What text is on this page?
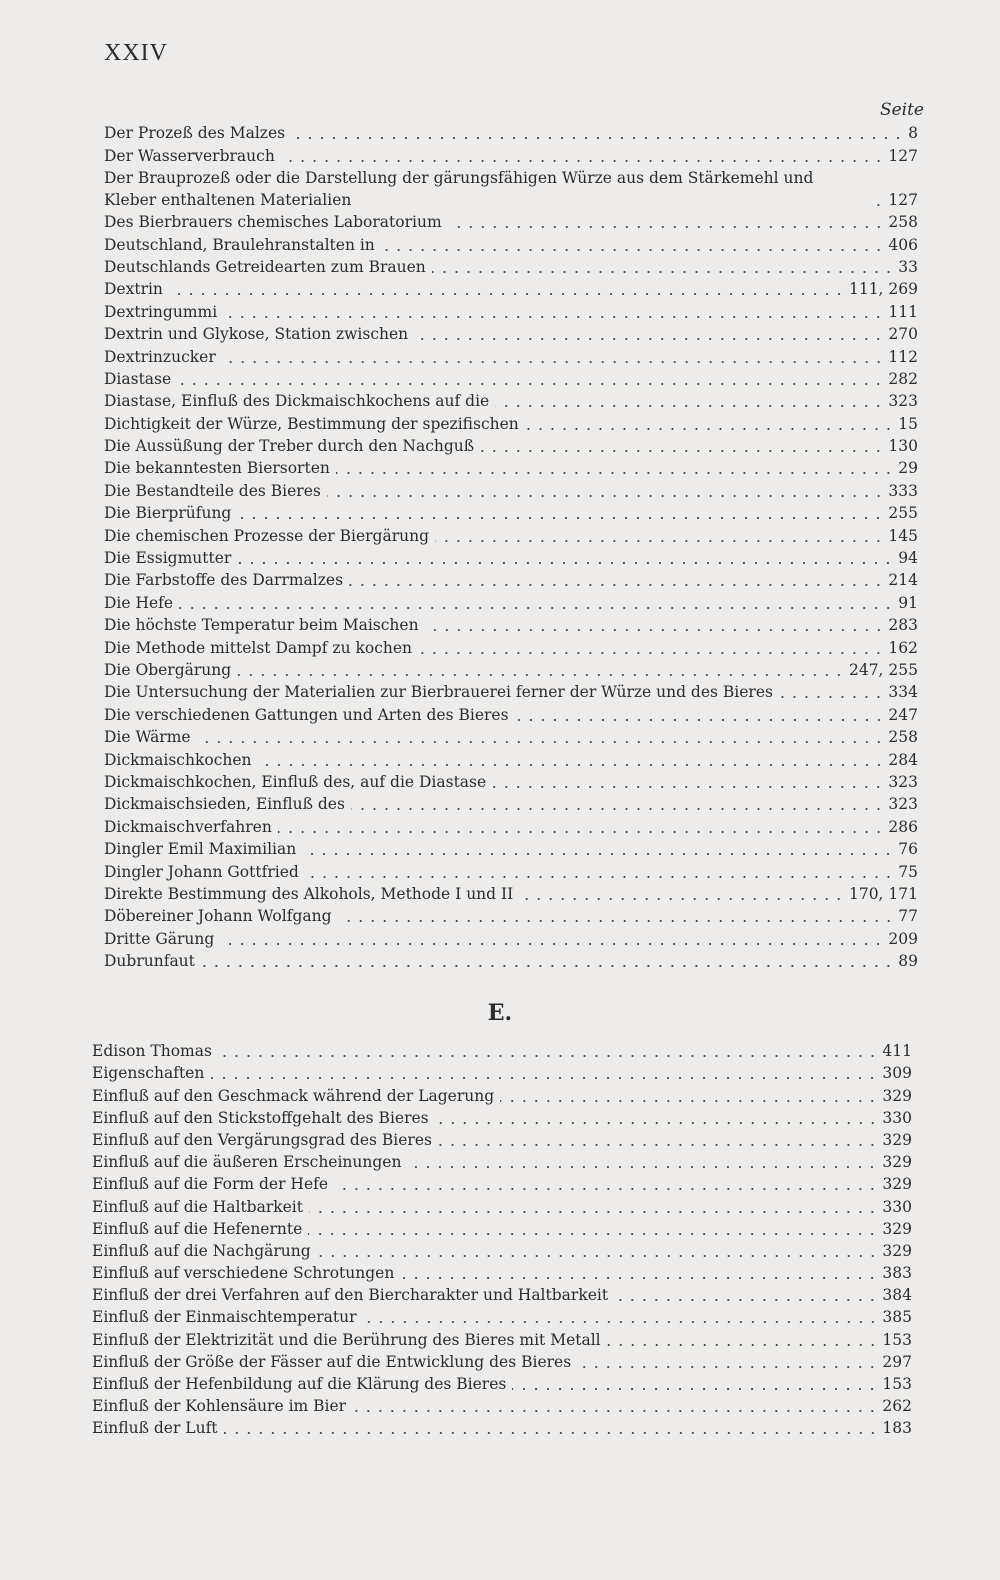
XXIV
Seite
Der Prozeß des Malzes	8
Der Wasserverbrauch	127
Der Brauprozeß oder die Darstellung der gärungsfähigen Würze aus dem Stärkemehl und Kleber enthaltenen Materialien	127
Des Bierbrauers chemisches Laboratorium	258
Deutschland, Braulehranstalten in	406
Deutschlands Getreidearten zum Brauen	33
Dextrin	111, 269
Dextringummi	111
Dextrin und Glykose, Station zwischen	270
Dextrinzucker	112
Diastase	282
Diastase, Einfluß des Dickmaischkochens auf die	323
Dichtigkeit der Würze, Bestimmung der spezifischen	15
Die Aussüßung der Treber durch den Nachguß	130
Die bekanntesten Biersorten	29
Die Bestandteile des Bieres	333
Die Bierprüfung	255
Die chemischen Prozesse der Biergärung	145
Die Essigmutter	94
Die Farbstoffe des Darrmalzes	214
Die Hefe	91
Die höchste Temperatur beim Maischen	283
Die Methode mittelst Dampf zu kochen	162
Die Obergärung	247, 255
Die Untersuchung der Materialien zur Bierbrauerei ferner der Würze und des Bieres	334
Die verschiedenen Gattungen und Arten des Bieres	247
Die Wärme	258
Dickmaischkochen	284
Dickmaischkochen, Einfluß des, auf die Diastase	323
Dickmaischsieden, Einfluß des	323
Dickmaischverfahren	286
Dingler Emil Maximilian	76
Dingler Johann Gottfried	75
Direkte Bestimmung des Alkohols, Methode I und II	170, 171
Döbereiner Johann Wolfgang	77
Dritte Gärung	209
Dubrunfaut	89
E.
Edison Thomas	411
Eigenschaften	309
Einfluß auf den Geschmack während der Lagerung	329
Einfluß auf den Stickstoffgehalt des Bieres	330
Einfluß auf den Vergärungsgrad des Bieres	329
Einfluß auf die äußeren Erscheinungen	329
Einfluß auf die Form der Hefe	329
Einfluß auf die Haltbarkeit	330
Einfluß auf die Hefenernte	329
Einfluß auf die Nachgärung	329
Einfluß auf verschiedene Schrotungen	383
Einfluß der drei Verfahren auf den Biercharakter und Haltbarkeit	384
Einfluß der Einmaischtemperatur	385
Einfluß der Elektrizität und die Berührung des Bieres mit Metall	153
Einfluß der Größe der Fässer auf die Entwicklung des Bieres	297
Einfluß der Hefenbildung auf die Klärung des Bieres	153
Einfluß der Kohlensäure im Bier	262
Einfluß der Luft	183
